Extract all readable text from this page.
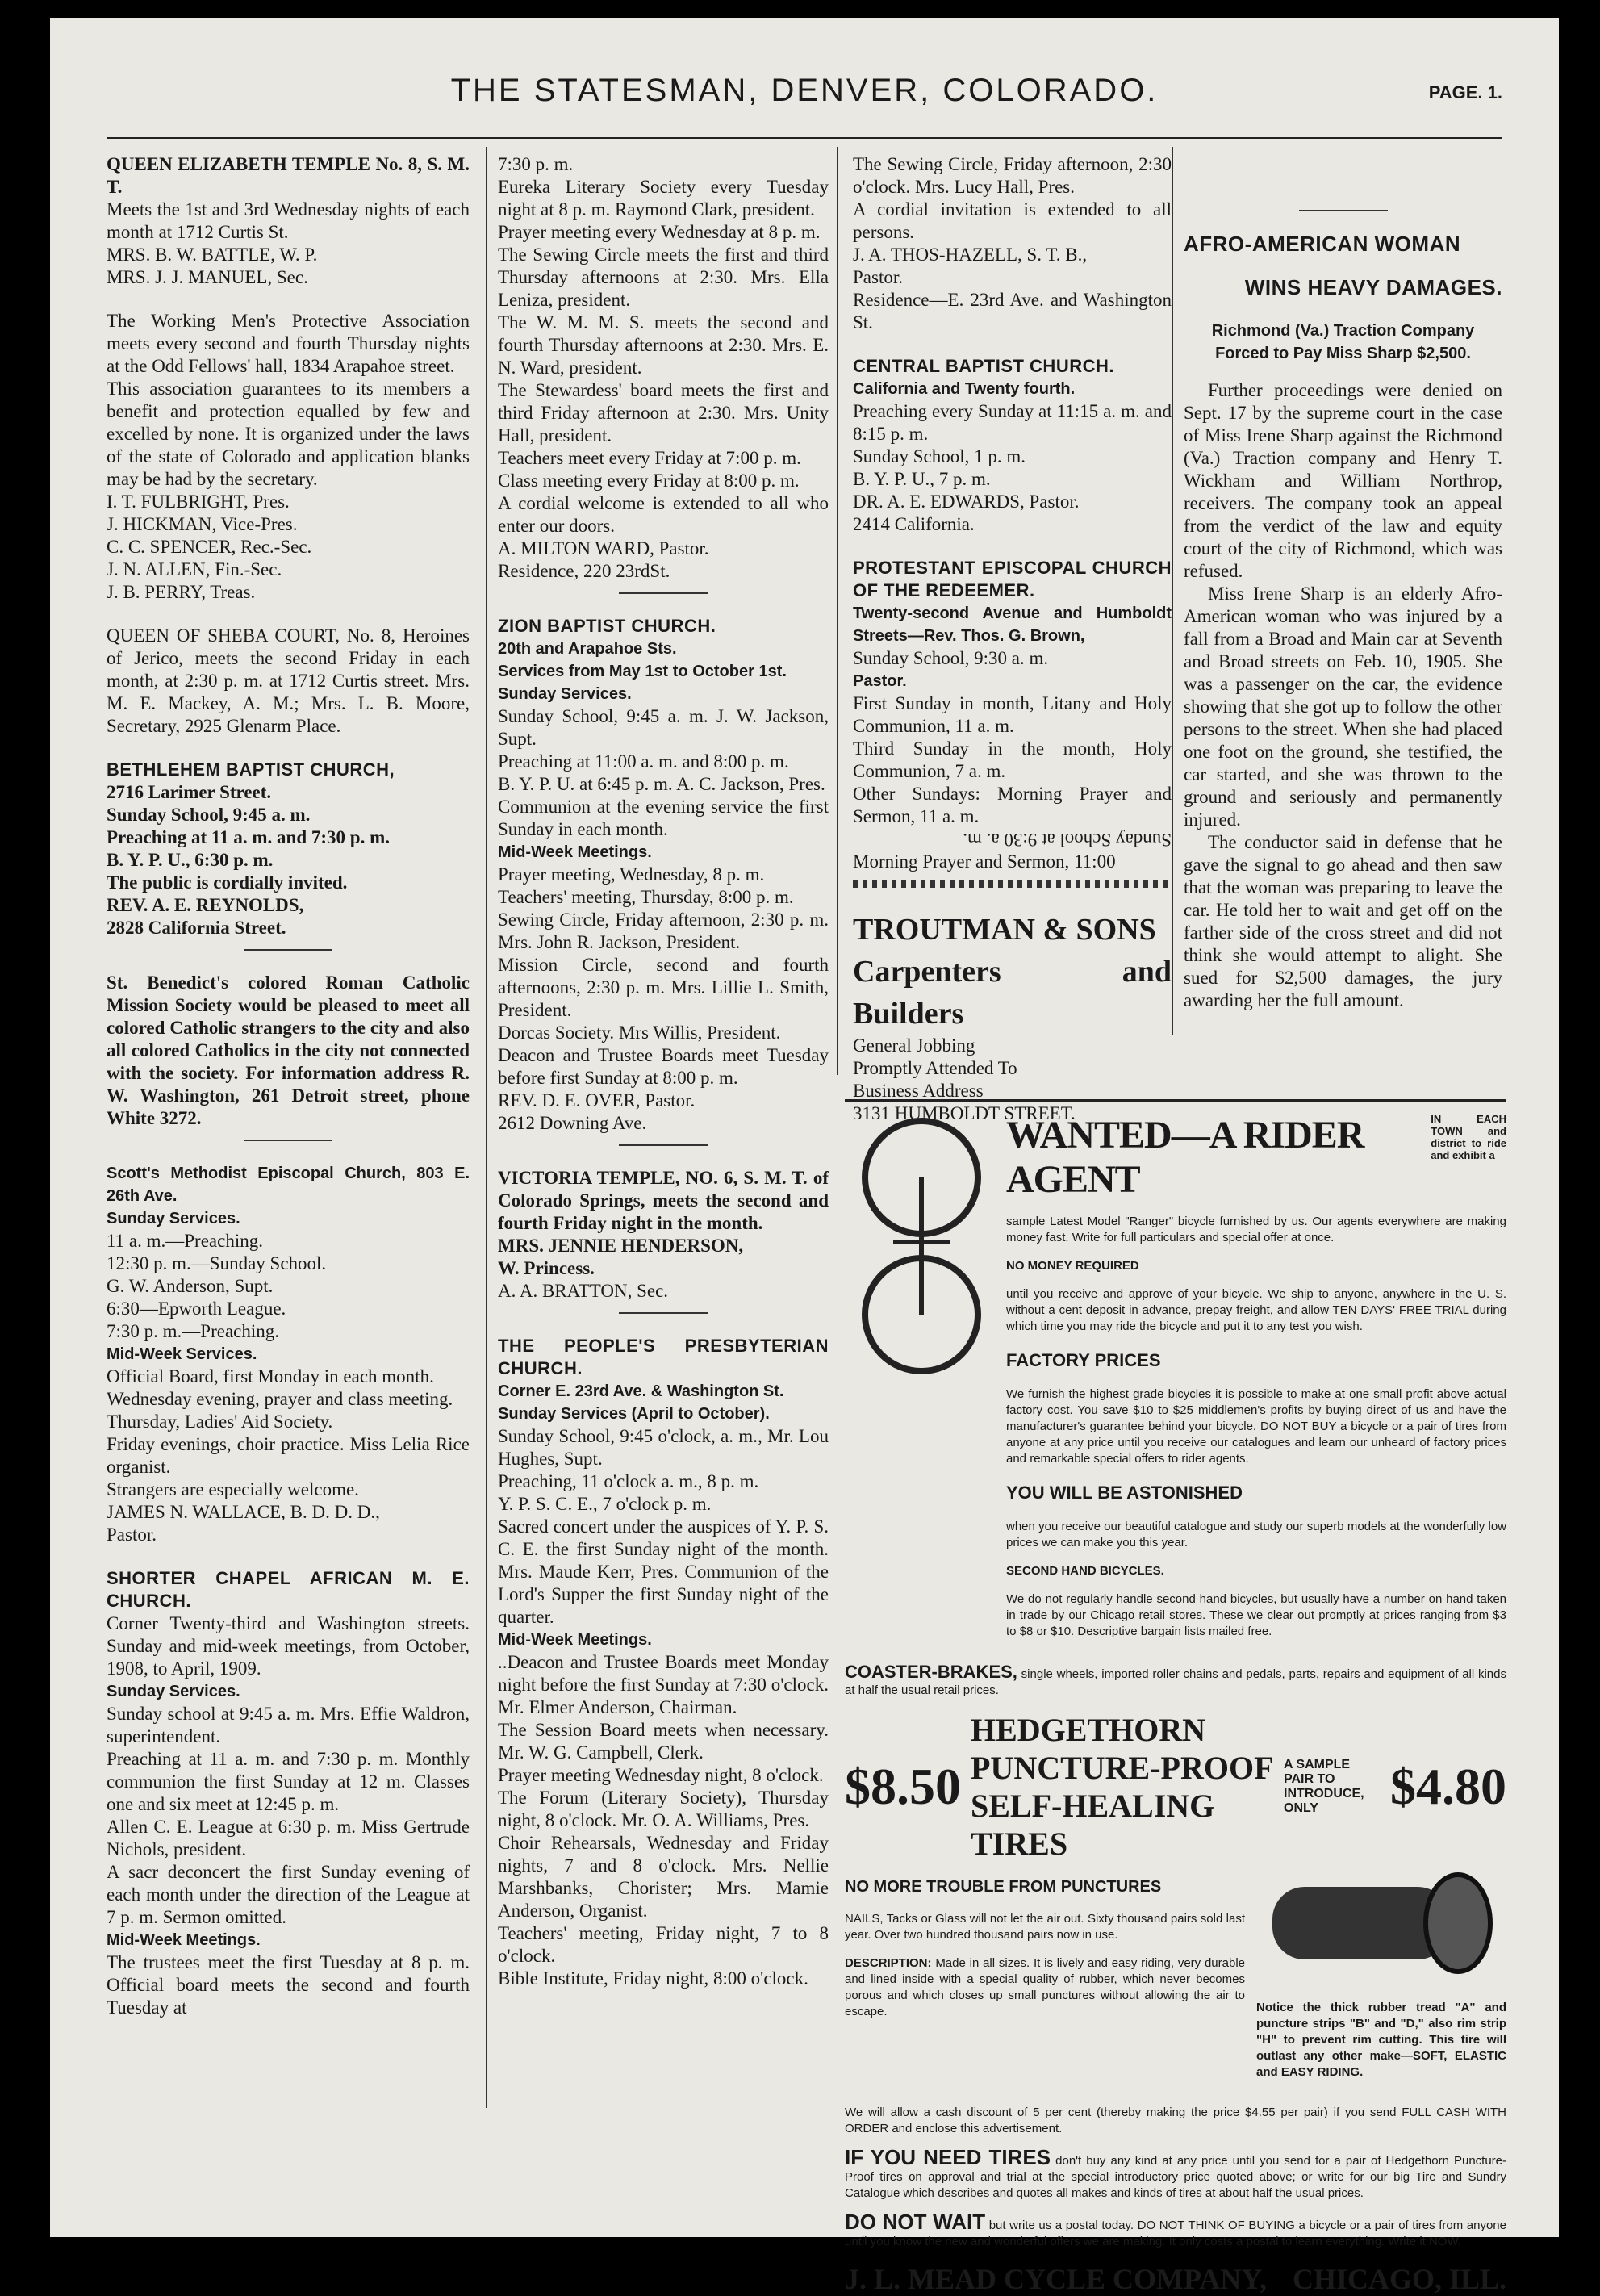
THE STATESMAN, DENVER, COLORADO.	PAGE. 1.

QUEEN ELIZABETH TEMPLE No. 8, S. M. T.

Meets the 1st and 3rd Wednesday nights of each month at 1712 Curtis St.

MRS. B. W. BATTLE, W. P.

MRS. J. J. MANUEL, Sec.

The Working Men's Protective Association meets every second and fourth Thursday nights at the Odd Fellows' hall, 1834 Arapahoe street.

This association guarantees to its members a benefit and protection equalled by few and excelled by none. It is organized under the laws of the state of Colorado and application blanks may be had by the secretary.

I. T. FULBRIGHT, Pres.

J. HICKMAN, Vice-Pres.

C. C. SPENCER, Rec.-Sec.

J. N. ALLEN, Fin.-Sec.

J. B. PERRY, Treas.

QUEEN OF SHEBA COURT, No. 8, Heroines of Jerico, meets the second Friday in each month, at 2:30 p. m. at 1712 Curtis street. Mrs. M. E. Mackey, A. M.; Mrs. L. B. Moore, Secretary, 2925 Glenarm Place.

BETHLEHEM BAPTIST CHURCH,

2716 Larimer Street.

Sunday School, 9:45 a. m.

Preaching at 11 a. m. and 7:30 p. m.

B. Y. P. U., 6:30 p. m.

The public is cordially invited.

REV. A. E. REYNOLDS,

2828 California Street.

St. Benedict's colored Roman Catholic Mission Society would be pleased to meet all colored Catholic strangers to the city and also all colored Catholics in the city not connected with the society. For information address R. W. Washington, 261 Detroit street, phone White 3272.

Scott's Methodist Episcopal Church, 803 E. 26th Ave.

Sunday Services.

11 a. m.—Preaching.

12:30 p. m.—Sunday School.

G. W. Anderson, Supt.

6:30—Epworth League.

7:30 p. m.—Preaching.

Mid-Week Services.

Official Board, first Monday in each month.

Wednesday evening, prayer and class meeting.

Thursday, Ladies' Aid Society.

Friday evenings, choir practice. Miss Lelia Rice organist.

Strangers are especially welcome.

JAMES N. WALLACE, B. D. D. D.,

Pastor.

SHORTER CHAPEL AFRICAN M. E. CHURCH.

Corner Twenty-third and Washington streets. Sunday and mid-week meetings, from October, 1908, to April, 1909.

Sunday Services.

Sunday school at 9:45 a. m. Mrs. Effie Waldron, superintendent.

Preaching at 11 a. m. and 7:30 p. m. Monthly communion the first Sunday at 12 m. Classes one and six meet at 12:45 p. m.

Allen C. E. League at 6:30 p. m. Miss Gertrude Nichols, president.

A sacr deconcert the first Sunday evening of each month under the direction of the League at 7 p. m. Sermon omitted.

Mid-Week Meetings.

The trustees meet the first Tuesday at 8 p. m. Official board meets the second and fourth Tuesday at

7:30 p. m.

Eureka Literary Society every Tuesday night at 8 p. m. Raymond Clark, president.

Prayer meeting every Wednesday at 8 p. m.

The Sewing Circle meets the first and third Thursday afternoons at 2:30. Mrs. Ella Leniza, president.

The W. M. M. S. meets the second and fourth Thursday afternoons at 2:30. Mrs. E. N. Ward, president.

The Stewardess' board meets the first and third Friday afternoon at 2:30. Mrs. Unity Hall, president.

Teachers meet every Friday at 7:00 p. m.

Class meeting every Friday at 8:00 p. m.

A cordial welcome is extended to all who enter our doors.

A. MILTON WARD, Pastor.

Residence, 220 23rdSt.

ZION BAPTIST CHURCH.

20th and Arapahoe Sts.

Services from May 1st to October 1st.

Sunday Services.

Sunday School, 9:45 a. m. J. W. Jackson, Supt.

Preaching at 11:00 a. m. and 8:00 p. m.

B. Y. P. U. at 6:45 p. m. A. C. Jackson, Pres.

Communion at the evening service the first Sunday in each month.

Mid-Week Meetings.

Prayer meeting, Wednesday, 8 p. m.

Teachers' meeting, Thursday, 8:00 p. m.

Sewing Circle, Friday afternoon, 2:30 p. m. Mrs. John R. Jackson, President.

Mission Circle, second and fourth afternoons, 2:30 p. m. Mrs. Lillie L. Smith, President.

Dorcas Society. Mrs Willis, President.

Deacon and Trustee Boards meet Tuesday before first Sunday at 8:00 p. m.

REV. D. E. OVER, Pastor.

2612 Downing Ave.

VICTORIA TEMPLE, NO. 6, S. M. T. of Colorado Springs, meets the second and fourth Friday night in the month.

MRS. JENNIE HENDERSON,

W. Princess.

A. A. BRATTON, Sec.

THE PEOPLE'S PRESBYTERIAN CHURCH.

Corner E. 23rd Ave. & Washington St.

Sunday Services (April to October).

Sunday School, 9:45 o'clock, a. m., Mr. Lou Hughes, Supt.

Preaching, 11 o'clock a. m., 8 p. m.

Y. P. S. C. E., 7 o'clock p. m.

Sacred concert under the auspices of Y. P. S. C. E. the first Sunday night of the month. Mrs. Maude Kerr, Pres. Communion of the Lord's Supper the first Sunday night of the quarter.

Mid-Week Meetings.

..Deacon and Trustee Boards meet Monday night before the first Sunday at 7:30 o'clock. Mr. Elmer Anderson, Chairman.

The Session Board meets when necessary. Mr. W. G. Campbell, Clerk.

Prayer meeting Wednesday night, 8 o'clock.

The Forum (Literary Society), Thursday night, 8 o'clock. Mr. O. A. Williams, Pres.

Choir Rehearsals, Wednesday and Friday nights, 7 and 8 o'clock. Mrs. Nellie Marshbanks, Chorister; Mrs. Mamie Anderson, Organist.

Teachers' meeting, Friday night, 7 to 8 o'clock.

Bible Institute, Friday night, 8:00 o'clock.

The Sewing Circle, Friday afternoon, 2:30 o'clock. Mrs. Lucy Hall, Pres.

A cordial invitation is extended to all persons.

J. A. THOS-HAZELL, S. T. B.,

Pastor.

Residence—E. 23rd Ave. and Washington St.

CENTRAL BAPTIST CHURCH.

California and Twenty fourth.

Preaching every Sunday at 11:15 a. m. and 8:15 p. m.

Sunday School, 1 p. m.

B. Y. P. U., 7 p. m.

DR. A. E. EDWARDS, Pastor.

2414 California.

PROTESTANT EPISCOPAL CHURCH OF THE REDEEMER.

Twenty-second Avenue and Humboldt Streets—Rev. Thos. G. Brown,

Sunday School, 9:30 a. m.

Pastor.

First Sunday in month, Litany and Holy Communion, 11 a. m.

Third Sunday in the month, Holy Communion, 7 a. m.

Other Sundays: Morning Prayer and Sermon, 11 a. m.

Sunday School at 9:30 a. m.

Morning Prayer and Sermon, 11:00

TROUTMAN & SONS

Carpenters and Builders

General Jobbing

Promptly Attended To

Business Address

3131 HUMBOLDT STREET.

AFRO-AMERICAN WOMAN

WINS HEAVY DAMAGES.

Richmond (Va.) Traction Company Forced to Pay Miss Sharp $2,500.

Further proceedings were denied on Sept. 17 by the supreme court in the case of Miss Irene Sharp against the Richmond (Va.) Traction company and Henry T. Wickham and William Northrop, receivers. The company took an appeal from the verdict of the law and equity court of the city of Richmond, which was refused.

Miss Irene Sharp is an elderly Afro-American woman who was injured by a fall from a Broad and Main car at Seventh and Broad streets on Feb. 10, 1905. She was a passenger on the car, the evidence showing that she got up to follow the other persons to the street. When she had placed one foot on the ground, she testified, the car started, and she was thrown to the ground and seriously and permanently injured.

The conductor said in defense that he gave the signal to go ahead and then saw that the woman was preparing to leave the car. He told her to wait and get off on the farther side of the cross street and did not think she would attempt to alight. She sued for $2,500 damages, the jury awarding her the full amount.

WANTED—A RIDER AGENT
IN EACH TOWN and district to ride and exhibit a

sample Latest Model "Ranger" bicycle furnished by us. Our agents everywhere are making money fast. Write for full particulars and special offer at once.

NO MONEY REQUIRED

until you receive and approve of your bicycle. We ship to anyone, anywhere in the U. S. without a cent deposit in advance, prepay freight, and allow TEN DAYS' FREE TRIAL during which time you may ride the bicycle and put it to any test you wish.

FACTORY PRICES

We furnish the highest grade bicycles it is possible to make at one small profit above actual factory cost. You save $10 to $25 middlemen's profits by buying direct of us and have the manufacturer's guarantee behind your bicycle. DO NOT BUY a bicycle or a pair of tires from anyone at any price until you receive our catalogues and learn our unheard of factory prices and remarkable special offers to rider agents.

YOU WILL BE ASTONISHED

when you receive our beautiful catalogue and study our superb models at the wonderfully low prices we can make you this year.

SECOND HAND BICYCLES.

We do not regularly handle second hand bicycles, but usually have a number on hand taken in trade by our Chicago retail stores. These we clear out promptly at prices ranging from $3 to $8 or $10. Descriptive bargain lists mailed free.

COASTER-BRAKES, single wheels, imported roller chains and pedals, parts, repairs and equipment of all kinds at half the usual retail prices.

$8.50
HEDGETHORN PUNCTURE-PROOF
SELF-HEALING TIRES
A SAMPLE PAIR TO INTRODUCE, ONLY	$4.80

NO MORE TROUBLE FROM PUNCTURES

NAILS, Tacks or Glass will not let the air out. Sixty thousand pairs sold last year. Over two hundred thousand pairs now in use.

DESCRIPTION: Made in all sizes. It is lively and easy riding, very durable and lined inside with a special quality of rubber, which never becomes porous and which closes up small punctures without allowing the air to escape.	Notice the thick rubber tread "A" and puncture strips "B" and "D," also rim strip "H" to prevent rim cutting. This tire will outlast any other make—SOFT, ELASTIC and EASY RIDING.

We will allow a cash discount of 5 per cent (thereby making the price $4.55 per pair) if you send FULL CASH WITH ORDER and enclose this advertisement.

IF YOU NEED TIRES don't buy any kind at any price until you send for a pair of Hedgethorn Puncture-Proof tires on approval and trial at the special introductory price quoted above; or write for our big Tire and Sundry Catalogue which describes and quotes all makes and kinds of tires at about half the usual prices.

DO NOT WAIT but write us a postal today. DO NOT THINK OF BUYING a bicycle or a pair of tires from anyone until you know the new and wonderful offers we are making. It only costs a postal to learn everything. Write it NOW.

J. L. MEAD CYCLE COMPANY, CHICAGO, ILL.
